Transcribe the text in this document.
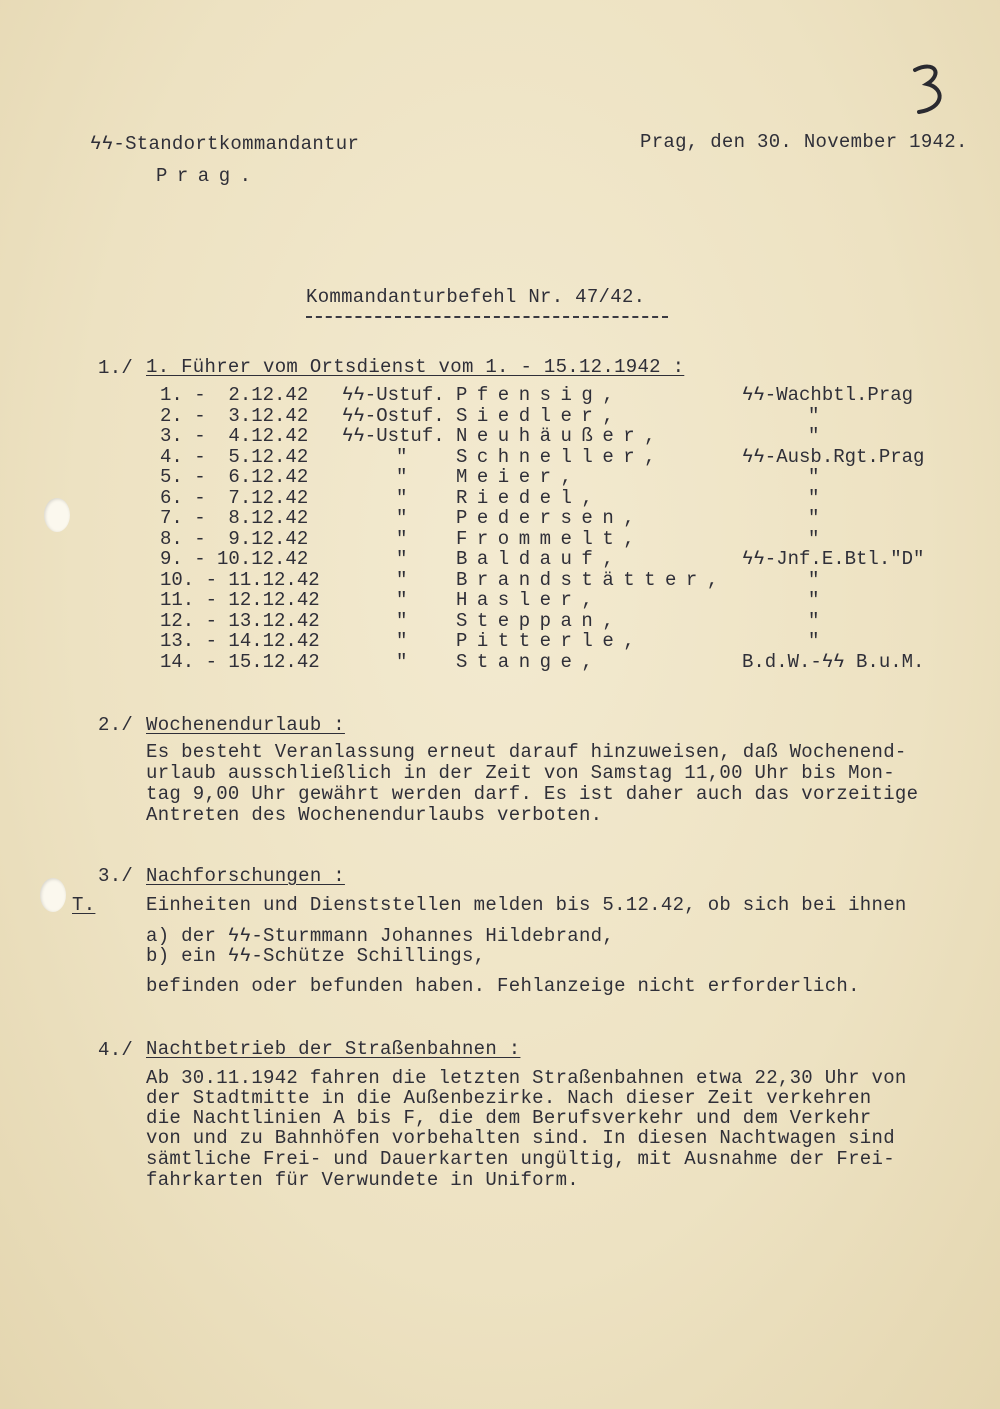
ϟϟ-Standortkommandantur
Prag.
Prag, den 30. November 1942.
Kommandanturbefehl Nr. 47/42.
1./ 1. Führer vom Ortsdienst vom 1. - 15.12.1942 :
1. -  2.12.42 ϟϟ-Ustuf. Pfensig,	ϟϟ-Wachbtl.Prag
2. -  3.12.42 ϟϟ-Ostuf. Siedler,	"
3. -  4.12.42 ϟϟ-Ustuf. Neuhäußer,	"
4. -  5.12.42	"	Schneller,	ϟϟ-Ausb.Rgt.Prag
5. -  6.12.42	"	Meier,	"
6. -  7.12.42	"	Riedel,	"
7. -  8.12.42	"	Pedersen,	"
8. -  9.12.42	"	Frommelt,	"
9. - 10.12.42	"	Baldauf,	ϟϟ-Jnf.E.Btl."D"
10. - 11.12.42	"	Brandstätter,	"
11. - 12.12.42	"	Hasler,	"
12. - 13.12.42	"	Steppan,	"
13. - 14.12.42	"	Pitterle,	"
14. - 15.12.42	"	Stange,	B.d.W.-ϟϟ B.u.M.
2./ Wochenendurlaub :
Es besteht Veranlassung erneut darauf hinzuweisen, daß Wochenend-
urlaub ausschließlich in der Zeit von Samstag 11,00 Uhr bis Mon-
tag 9,00 Uhr gewährt werden darf. Es ist daher auch das vorzeitige
Antreten des Wochenendurlaubs verboten.
3./ Nachforschungen :
T.	Einheiten und Dienststellen melden bis 5.12.42, ob sich bei ihnen
a) der ϟϟ-Sturmmann Johannes Hildebrand,
b) ein ϟϟ-Schütze Schillings,
befinden oder befunden haben. Fehlanzeige nicht erforderlich.
4./ Nachtbetrieb der Straßenbahnen :
Ab 30.11.1942 fahren die letzten Straßenbahnen etwa 22,30 Uhr von
der Stadtmitte in die Außenbezirke. Nach dieser Zeit verkehren
die Nachtlinien A bis F, die dem Berufsverkehr und dem Verkehr
von und zu Bahnhöfen vorbehalten sind. In diesen Nachtwagen sind
sämtliche Frei- und Dauerkarten ungültig, mit Ausnahme der Frei-
fahrkarten für Verwundete in Uniform.
